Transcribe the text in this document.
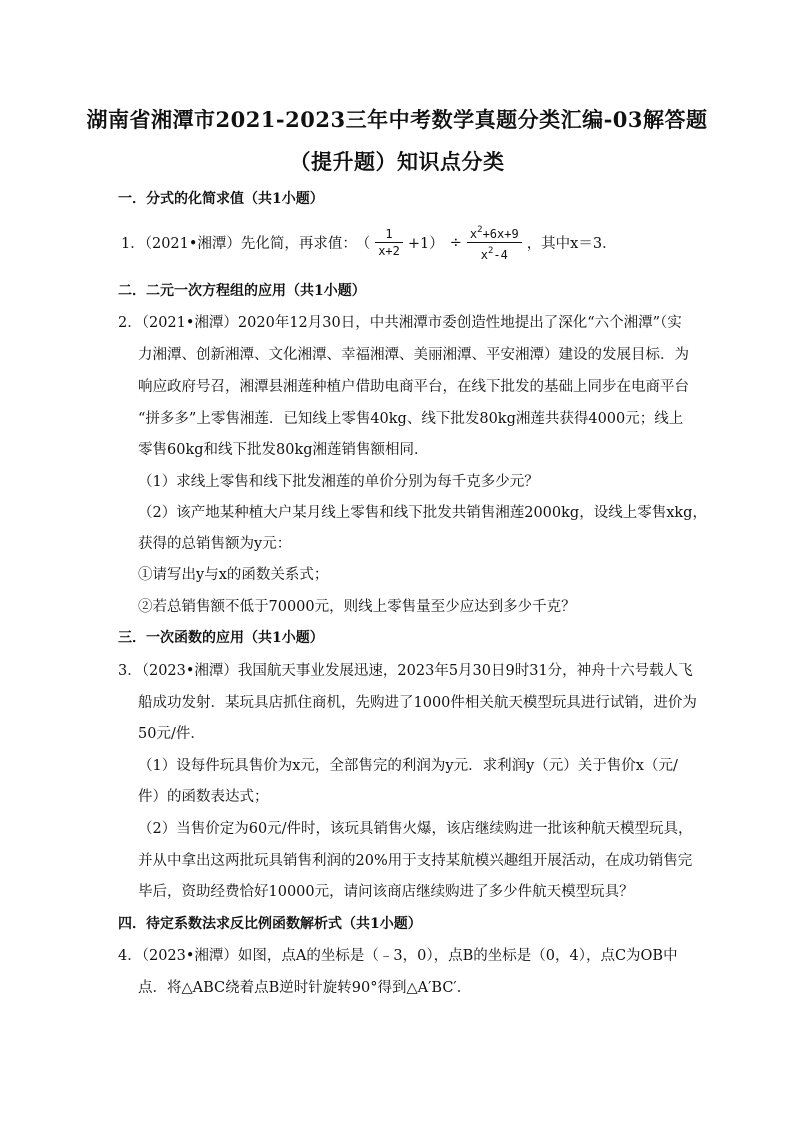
湖南省湘潭市2021-2023三年中考数学真题分类汇编-03解答题
（提升题）知识点分类
一．分式的化简求值（共1小题）
1．（2021•湘潭）先化简，再求值： （ $\frac{1}{x+2} +1) \div \frac{x^2+6x+9}{x^2-4}$ ，其中x＝3．
二．二元一次方程组的应用（共1小题）
2．（2021•湘潭）2020年12月30日，中共湘潭市委创造性地提出了深化“六个湘潭”（实
力湘潭、创新湘潭、文化湘潭、幸福湘潭、美丽湘潭、平安湘潭）建设的发展目标．为
响应政府号召，湘潭县湘莲种植户借助电商平台，在线下批发的基础上同步在电商平台
“拼多多”上零售湘莲．已知线上零售40kg、线下批发80kg湘莲共获得4000元；线上
零售60kg和线下批发80kg湘莲销售额相同．
（1）求线上零售和线下批发湘莲的单价分别为每千克多少元？
（2）该产地某种植大户某月线上零售和线下批发共销售湘莲2000kg，设线上零售xkg，
获得的总销售额为y元：
①请写出y与x的函数关系式；
②若总销售额不低于70000元，则线上零售量至少应达到多少千克？
三．一次函数的应用（共1小题）
3．（2023•湘潭）我国航天事业发展迅速，2023年5月30日9时31分，神舟十六号载人飞
船成功发射．某玩具店抓住商机，先购进了1000件相关航天模型玩具进行试销，进价为
50元/件．
（1）设每件玩具售价为x元，全部售完的利润为y元．求利润y（元）关于售价x（元/
件）的函数表达式；
（2）当售价定为60元/件时，该玩具销售火爆，该店继续购进一批该种航天模型玩具，
并从中拿出这两批玩具销售利润的20%用于支持某航模兴趣组开展活动，在成功销售完
毕后，资助经费恰好10000元，请问该商店继续购进了多少件航天模型玩具？
四．待定系数法求反比例函数解析式（共1小题）
4．（2023•湘潭）如图，点A的坐标是（﹣3，0），点B的坐标是（0，4），点C为OB中
点．将△ABC绕着点B逆时针旋转90°得到△A′BC′．
